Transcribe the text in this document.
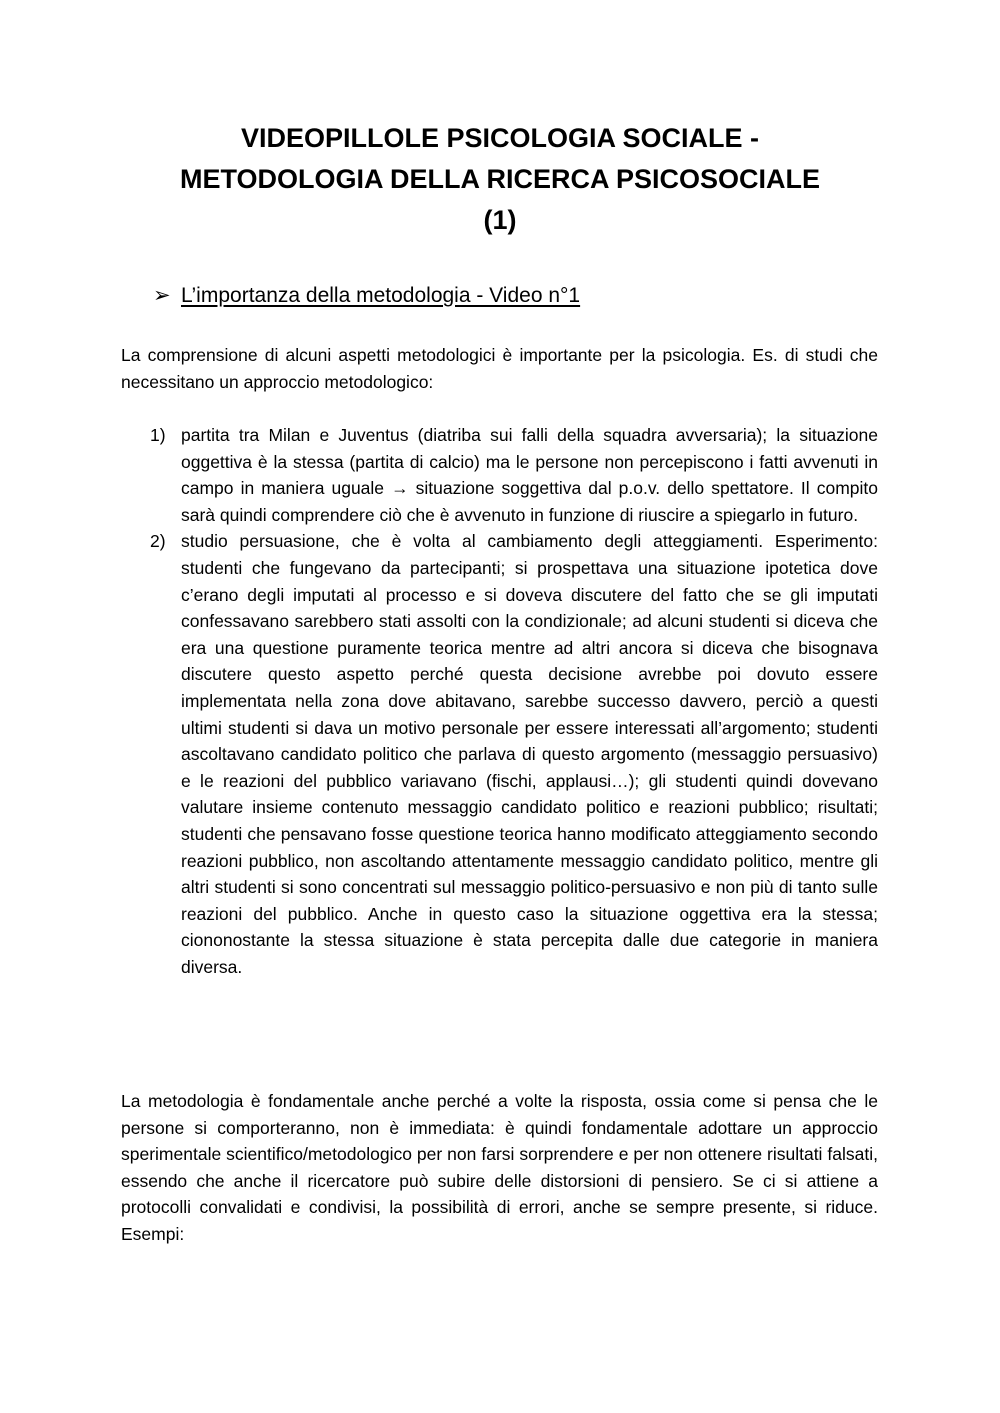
VIDEOPILLOLE PSICOLOGIA SOCIALE -
METODOLOGIA DELLA RICERCA PSICOSOCIALE
(1)
➢ L’importanza della metodologia - Video n°1

La comprensione di alcuni aspetti metodologici è importante per la psicologia. Es. di studi che necessitano un approccio metodologico:

1) partita tra Milan e Juventus (diatriba sui falli della squadra avversaria); la situazione oggettiva è la stessa (partita di calcio) ma le persone non percepiscono i fatti avvenuti in campo in maniera uguale → situazione soggettiva dal p.o.v. dello spettatore. Il compito sarà quindi comprendere ciò che è avvenuto in funzione di riuscire a spiegarlo in futuro.
2) studio persuasione, che è volta al cambiamento degli atteggiamenti. Esperimento: studenti che fungevano da partecipanti; si prospettava una situazione ipotetica dove c’erano degli imputati al processo e si doveva discutere del fatto che se gli imputati confessavano sarebbero stati assolti con la condizionale; ad alcuni studenti si diceva che era una questione puramente teorica mentre ad altri ancora si diceva che bisognava discutere questo aspetto perché questa decisione avrebbe poi dovuto essere implementata nella zona dove abitavano, sarebbe successo davvero, perciò a questi ultimi studenti si dava un motivo personale per essere interessati all’argomento; studenti ascoltavano candidato politico che parlava di questo argomento (messaggio persuasivo) e le reazioni del pubblico variavano (fischi, applausi…); gli studenti quindi dovevano valutare insieme contenuto messaggio candidato politico e reazioni pubblico; risultati; studenti che pensavano fosse questione teorica hanno modificato atteggiamento secondo reazioni pubblico, non ascoltando attentamente messaggio candidato politico, mentre gli altri studenti si sono concentrati sul messaggio politico-persuasivo e non più di tanto sulle reazioni del pubblico. Anche in questo caso la situazione oggettiva era la stessa; ciononostante la stessa situazione è stata percepita dalle due categorie in maniera diversa.

La metodologia è fondamentale anche perché a volte la risposta, ossia come si pensa che le persone si comporteranno, non è immediata: è quindi fondamentale adottare un approccio sperimentale scientifico/metodologico per non farsi sorprendere e per non ottenere risultati falsati, essendo che anche il ricercatore può subire delle distorsioni di pensiero. Se ci si attiene a protocolli convalidati e condivisi, la possibilità di errori, anche se sempre presente, si riduce. Esempi:
